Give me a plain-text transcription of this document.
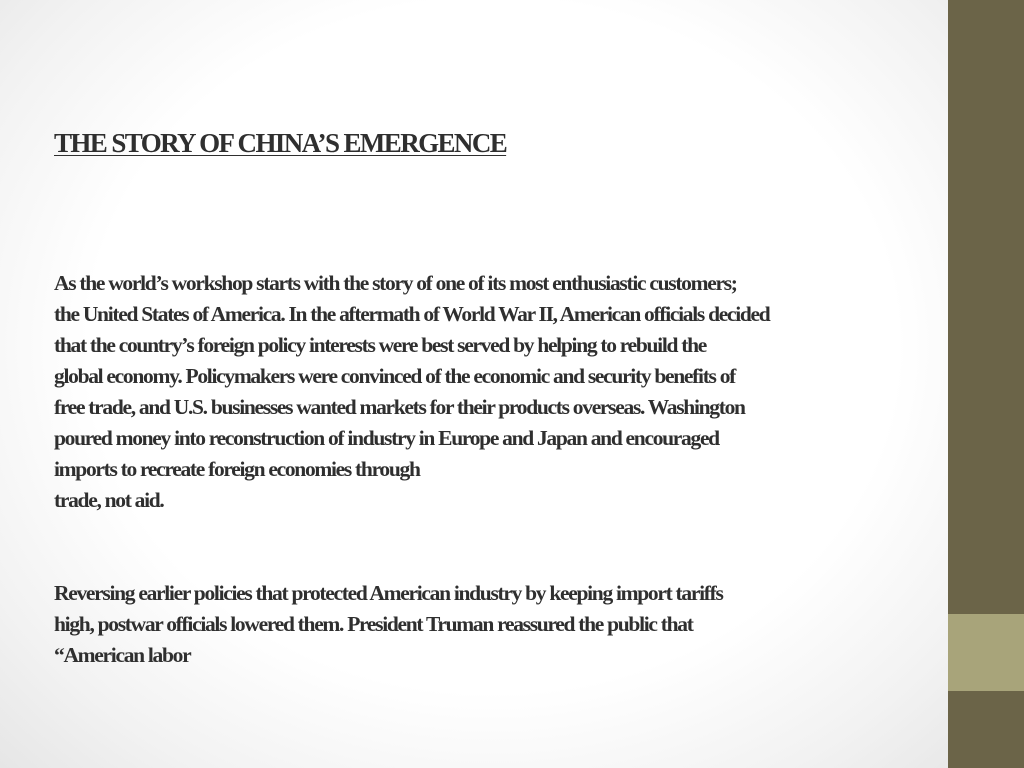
THE STORY OF CHINA’S EMERGENCE

As the world’s workshop starts with the story of one of its most enthusiastic customers;
the United States of America. In the aftermath of World War II, American officials decided
that the country’s foreign policy interests were best served by helping to rebuild the
global economy. Policymakers were convinced of the economic and security benefits of
free trade, and U.S. businesses wanted markets for their products overseas. Washington
poured money into reconstruction of industry in Europe and Japan and encouraged
imports to recreate foreign economies through
trade, not aid.

Reversing earlier policies that protected American industry by keeping import tariffs
high, postwar officials lowered them. President Truman reassured the public that
“American labor
